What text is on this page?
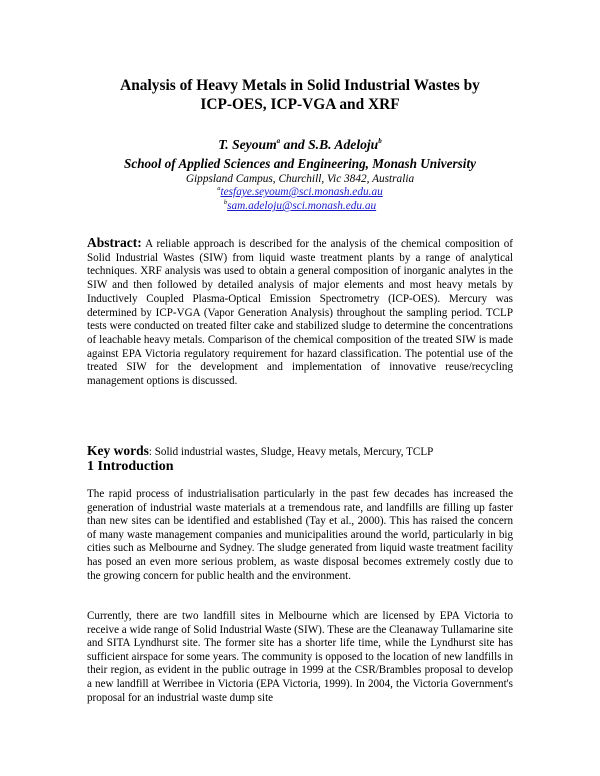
Analysis of Heavy Metals in Solid Industrial Wastes by
ICP-OES, ICP-VGA and XRF
T. Seyoum$^a$ and S.B. Adeloju$^b$
School of Applied Sciences and Engineering, Monash University
Gippsland Campus, Churchill, Vic 3842, Australia
$^a$tesfaye.seyoum@sci.monash.edu.au
$^b$sam.adeloju@sci.monash.edu.au

Abstract: A reliable approach is described for the analysis of the chemical composition of Solid Industrial Wastes (SIW) from liquid waste treatment plants by a range of analytical techniques. XRF analysis was used to obtain a general composition of inorganic analytes in the SIW and then followed by detailed analysis of major elements and most heavy metals by Inductively Coupled Plasma-Optical Emission Spectrometry (ICP-OES). Mercury was determined by ICP-VGA (Vapor Generation Analysis) throughout the sampling period. TCLP tests were conducted on treated filter cake and stabilized sludge to determine the concentrations of leachable heavy metals. Comparison of the chemical composition of the treated SIW is made against EPA Victoria regulatory requirement for hazard classification. The potential use of the treated SIW for the development and implementation of innovative reuse/recycling management options is discussed.

Key words: Solid industrial wastes, Sludge, Heavy metals, Mercury, TCLP

1 Introduction

The rapid process of industrialisation particularly in the past few decades has increased the generation of industrial waste materials at a tremendous rate, and landfills are filling up faster than new sites can be identified and established (Tay et al., 2000). This has raised the concern of many waste management companies and municipalities around the world, particularly in big cities such as Melbourne and Sydney. The sludge generated from liquid waste treatment facility has posed an even more serious problem, as waste disposal becomes extremely costly due to the growing concern for public health and the environment.

Currently, there are two landfill sites in Melbourne which are licensed by EPA Victoria to receive a wide range of Solid Industrial Waste (SIW). These are the Cleanaway Tullamarine site and SITA Lyndhurst site. The former site has a shorter life time, while the Lyndhurst site has sufficient airspace for some years. The community is opposed to the location of new landfills in their region, as evident in the public outrage in 1999 at the CSR/Brambles proposal to develop a new landfill at Werribee in Victoria (EPA Victoria, 1999). In 2004, the Victoria Government's proposal for an industrial waste dump site
